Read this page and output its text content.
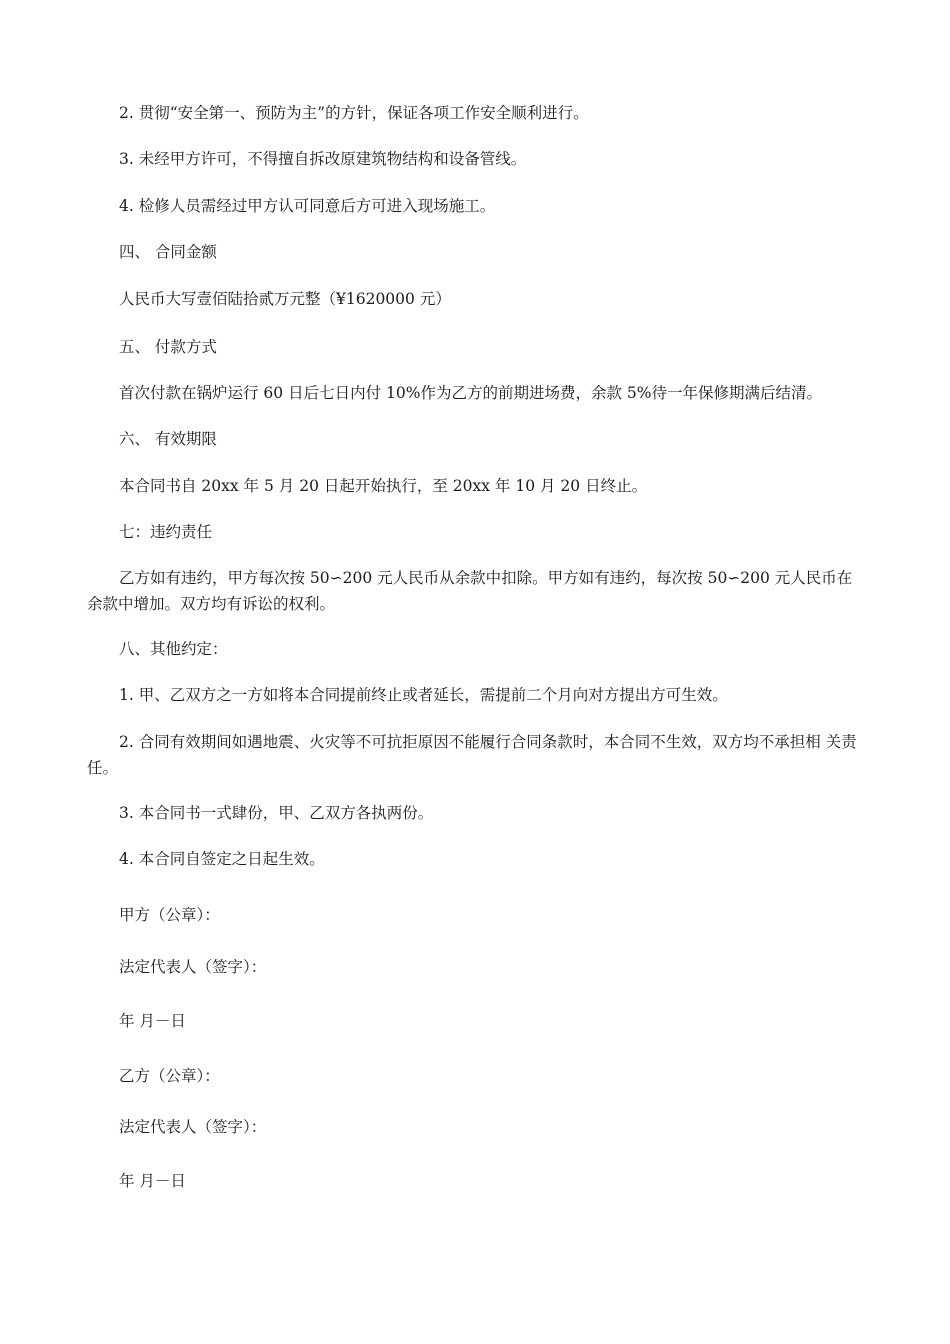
2. 贯彻“安全第一、预防为主”的方针，保证各项工作安全顺利进行。
3. 未经甲方许可，不得擅自拆改原建筑物结构和设备管线。
4. 检修人员需经过甲方认可同意后方可进入现场施工。
四、 合同金额
人民币大写壹佰陆拾贰万元整（¥1620000 元）
五、 付款方式
首次付款在锅炉运行 60 日后七日内付 10%作为乙方的前期进场费，余款 5%待一年保修期满后结清。
六、 有效期限
本合同书自 20xx 年 5 月 20 日起开始执行，至 20xx 年 10 月 20 日终止。
七：违约责任
乙方如有违约，甲方每次按 50∽200 元人民币从余款中扣除。甲方如有违约，每次按 50∽200 元人民币在余款中增加。双方均有诉讼的权利。
八、其他约定：
1. 甲、乙双方之一方如将本合同提前终止或者延长，需提前二个月向对方提出方可生效。
2. 合同有效期间如遇地震、火灾等不可抗拒原因不能履行合同条款时，本合同不生效，双方均不承担相 关责任。
3. 本合同书一式肆份，甲、乙双方各执两份。
4. 本合同自签定之日起生效。
甲方（公章）：
法定代表人（签字）：
年 月－日
乙方（公章）：
法定代表人（签字）：
年 月－日
